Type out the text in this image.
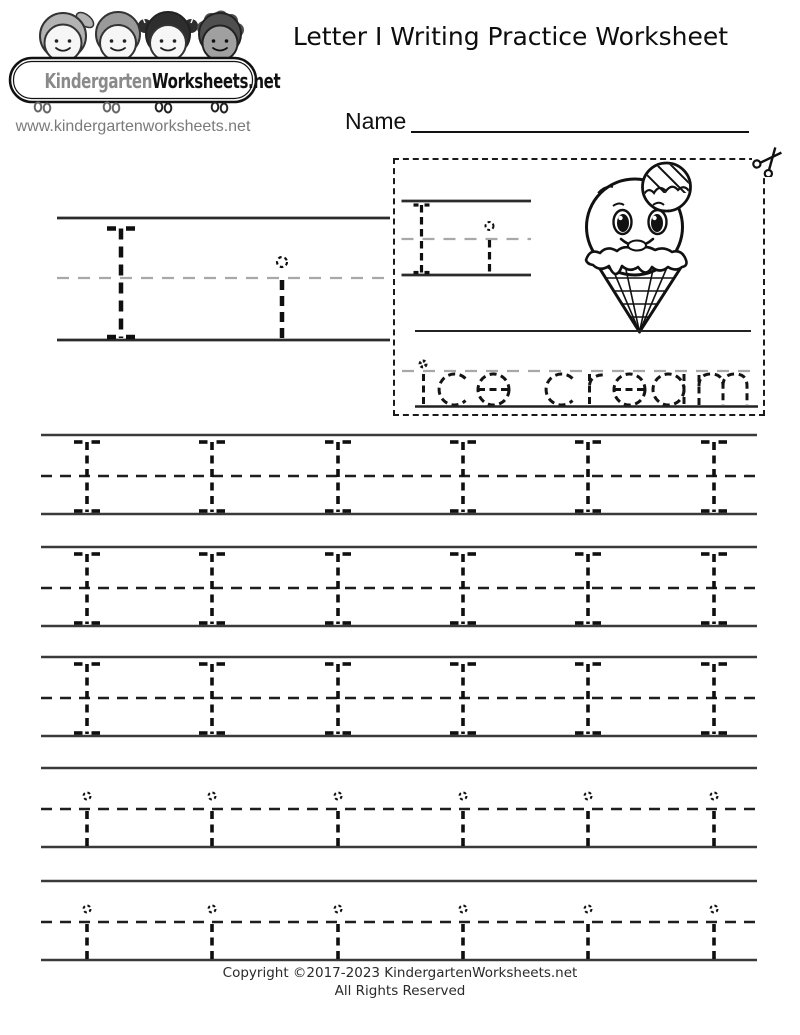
KindergartenWorksheets.net
www.kindergartenworksheets.net
Letter I Writing Practice Worksheet
Name
Copyright ©2017-2023 KindergartenWorksheets.net
All Rights Reserved
